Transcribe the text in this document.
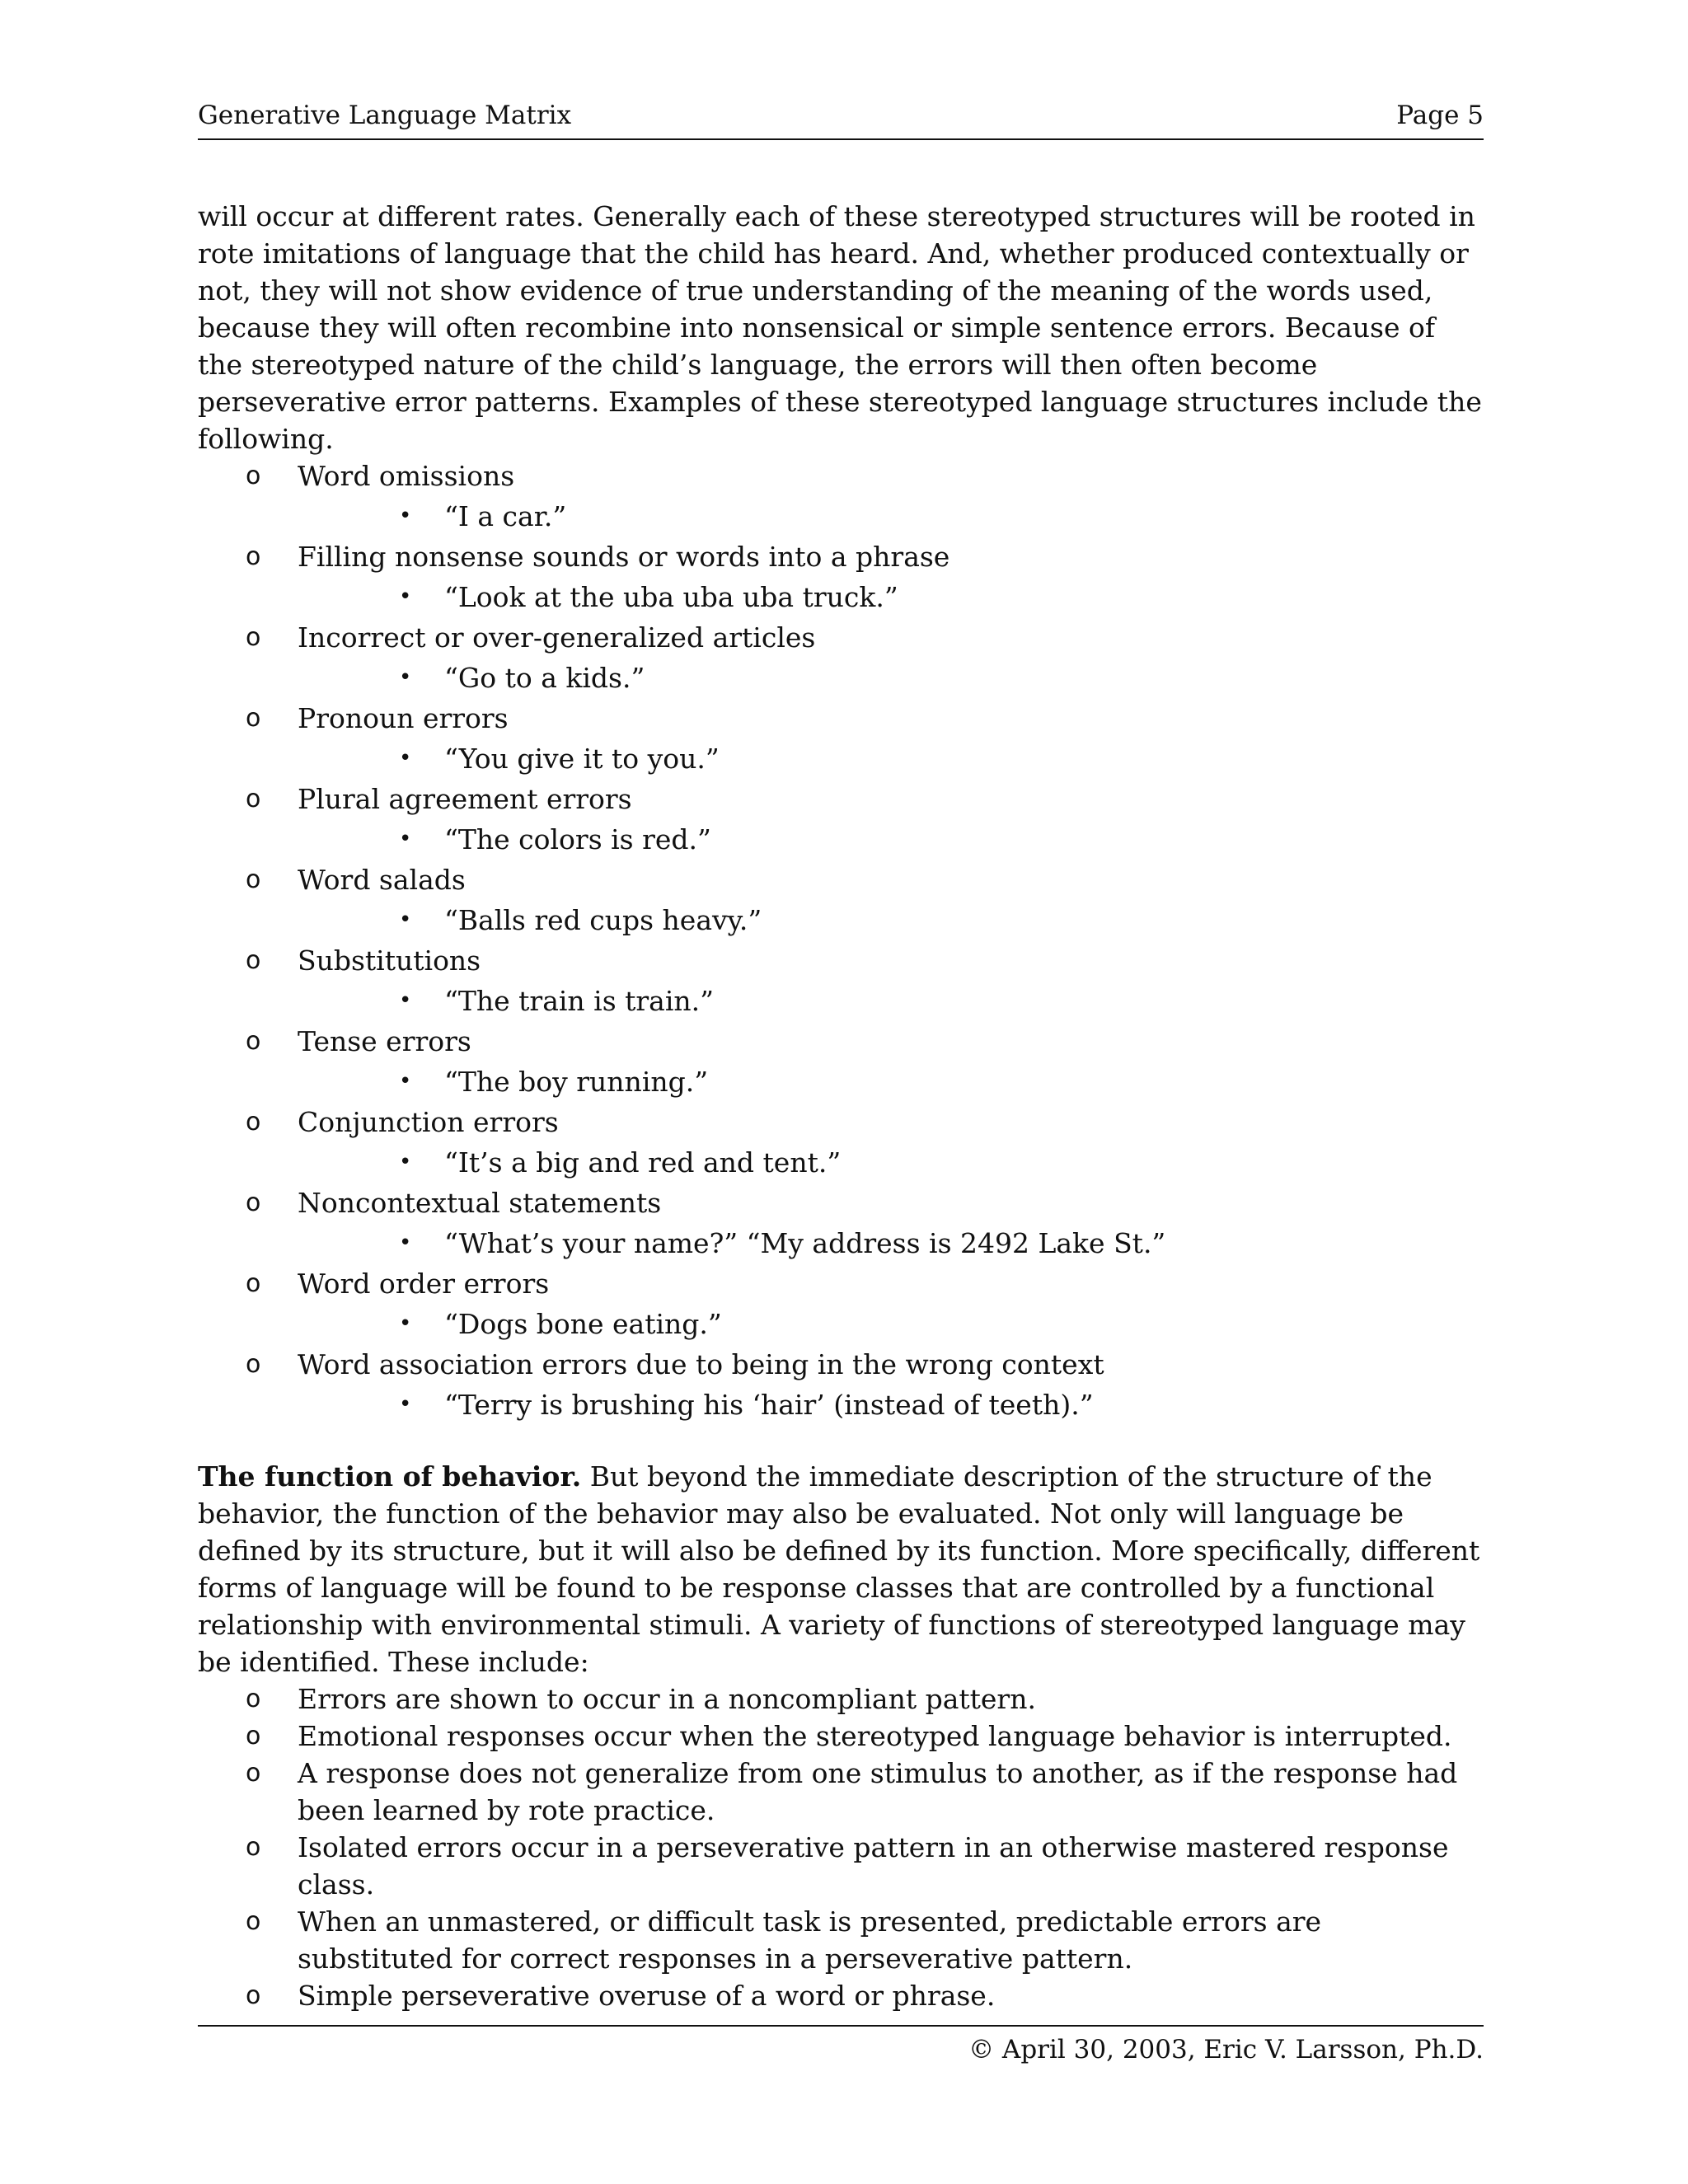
Generative Language Matrix	Page 5

will occur at different rates. Generally each of these stereotyped structures will be rooted in rote imitations of language that the child has heard. And, whether produced contextually or not, they will not show evidence of true understanding of the meaning of the words used, because they will often recombine into nonsensical or simple sentence errors. Because of the stereotyped nature of the child’s language, the errors will then often become perseverative error patterns. Examples of these stereotyped language structures include the following.

o Word omissions
• “I a car.”
o Filling nonsense sounds or words into a phrase
• “Look at the uba uba uba truck.”
o Incorrect or over-generalized articles
• “Go to a kids.”
o Pronoun errors
• “You give it to you.”
o Plural agreement errors
• “The colors is red.”
o Word salads
• “Balls red cups heavy.”
o Substitutions
• “The train is train.”
o Tense errors
• “The boy running.”
o Conjunction errors
• “It’s a big and red and tent.”
o Noncontextual statements
• “What’s your name?” “My address is 2492 Lake St.”
o Word order errors
• “Dogs bone eating.”
o Word association errors due to being in the wrong context
• “Terry is brushing his ‘hair’ (instead of teeth).”

The function of behavior. But beyond the immediate description of the structure of the behavior, the function of the behavior may also be evaluated. Not only will language be defined by its structure, but it will also be defined by its function. More specifically, different forms of language will be found to be response classes that are controlled by a functional relationship with environmental stimuli. A variety of functions of stereotyped language may be identified. These include:

o Errors are shown to occur in a noncompliant pattern.
o Emotional responses occur when the stereotyped language behavior is interrupted.
o A response does not generalize from one stimulus to another, as if the response had been learned by rote practice.
o Isolated errors occur in a perseverative pattern in an otherwise mastered response class.
o When an unmastered, or difficult task is presented, predictable errors are substituted for correct responses in a perseverative pattern.
o Simple perseverative overuse of a word or phrase.
© April 30, 2003, Eric V. Larsson, Ph.D.
